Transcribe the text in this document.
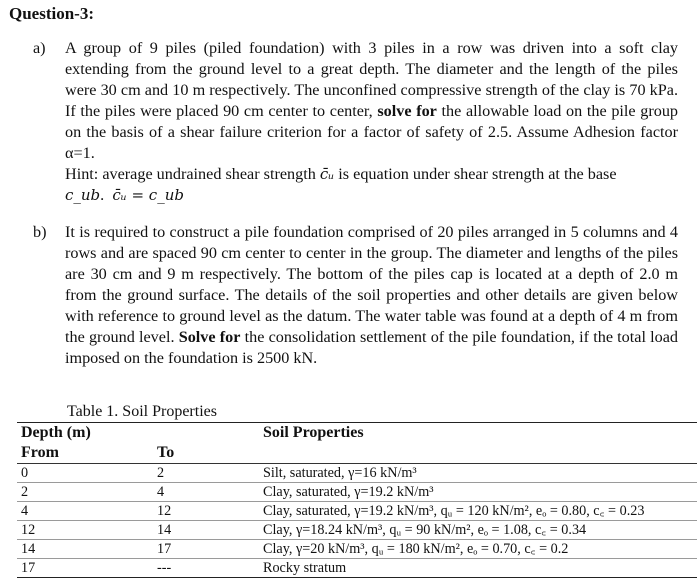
Question-3:
a) A group of 9 piles (piled foundation) with 3 piles in a row was driven into a soft clay extending from the ground level to a great depth. The diameter and the length of the piles were 30 cm and 10 m respectively. The unconfined compressive strength of the clay is 70 kPa. If the piles were placed 90 cm center to center, solve for the allowable load on the pile group on the basis of a shear failure criterion for a factor of safety of 2.5. Assume Adhesion factor α=1.

Hint: average undrained shear strength c̄ᵤ is equation under shear strength at the base

c_ub.  c̄ᵤ = c_ub

b) It is required to construct a pile foundation comprised of 20 piles arranged in 5 columns and 4 rows and are spaced 90 cm center to center in the group. The diameter and lengths of the piles are 30 cm and 9 m respectively. The bottom of the piles cap is located at a depth of 2.0 m from the ground surface. The details of the soil properties and other details are given below with reference to ground level as the datum. The water table was found at a depth of 4 m from the ground level. Solve for the consolidation settlement of the pile foundation, if the total load imposed on the foundation is 2500 kN.

Table 1. Soil Properties
Depth (m)		Soil Properties
From	To	
0	2	Silt, saturated, γ=16 kN/m³
2	4	Clay, saturated, γ=19.2 kN/m³
4	12	Clay, saturated, γ=19.2 kN/m³, qᵤ = 120 kN/m², eₒ = 0.80, c꜀ = 0.23
12	14	Clay, γ=18.24 kN/m³, qᵤ = 90 kN/m², eₒ = 1.08, c꜀ = 0.34
14	17	Clay, γ=20 kN/m³, qᵤ = 180 kN/m², eₒ = 0.70, c꜀ = 0.2
17	---	Rocky stratum
